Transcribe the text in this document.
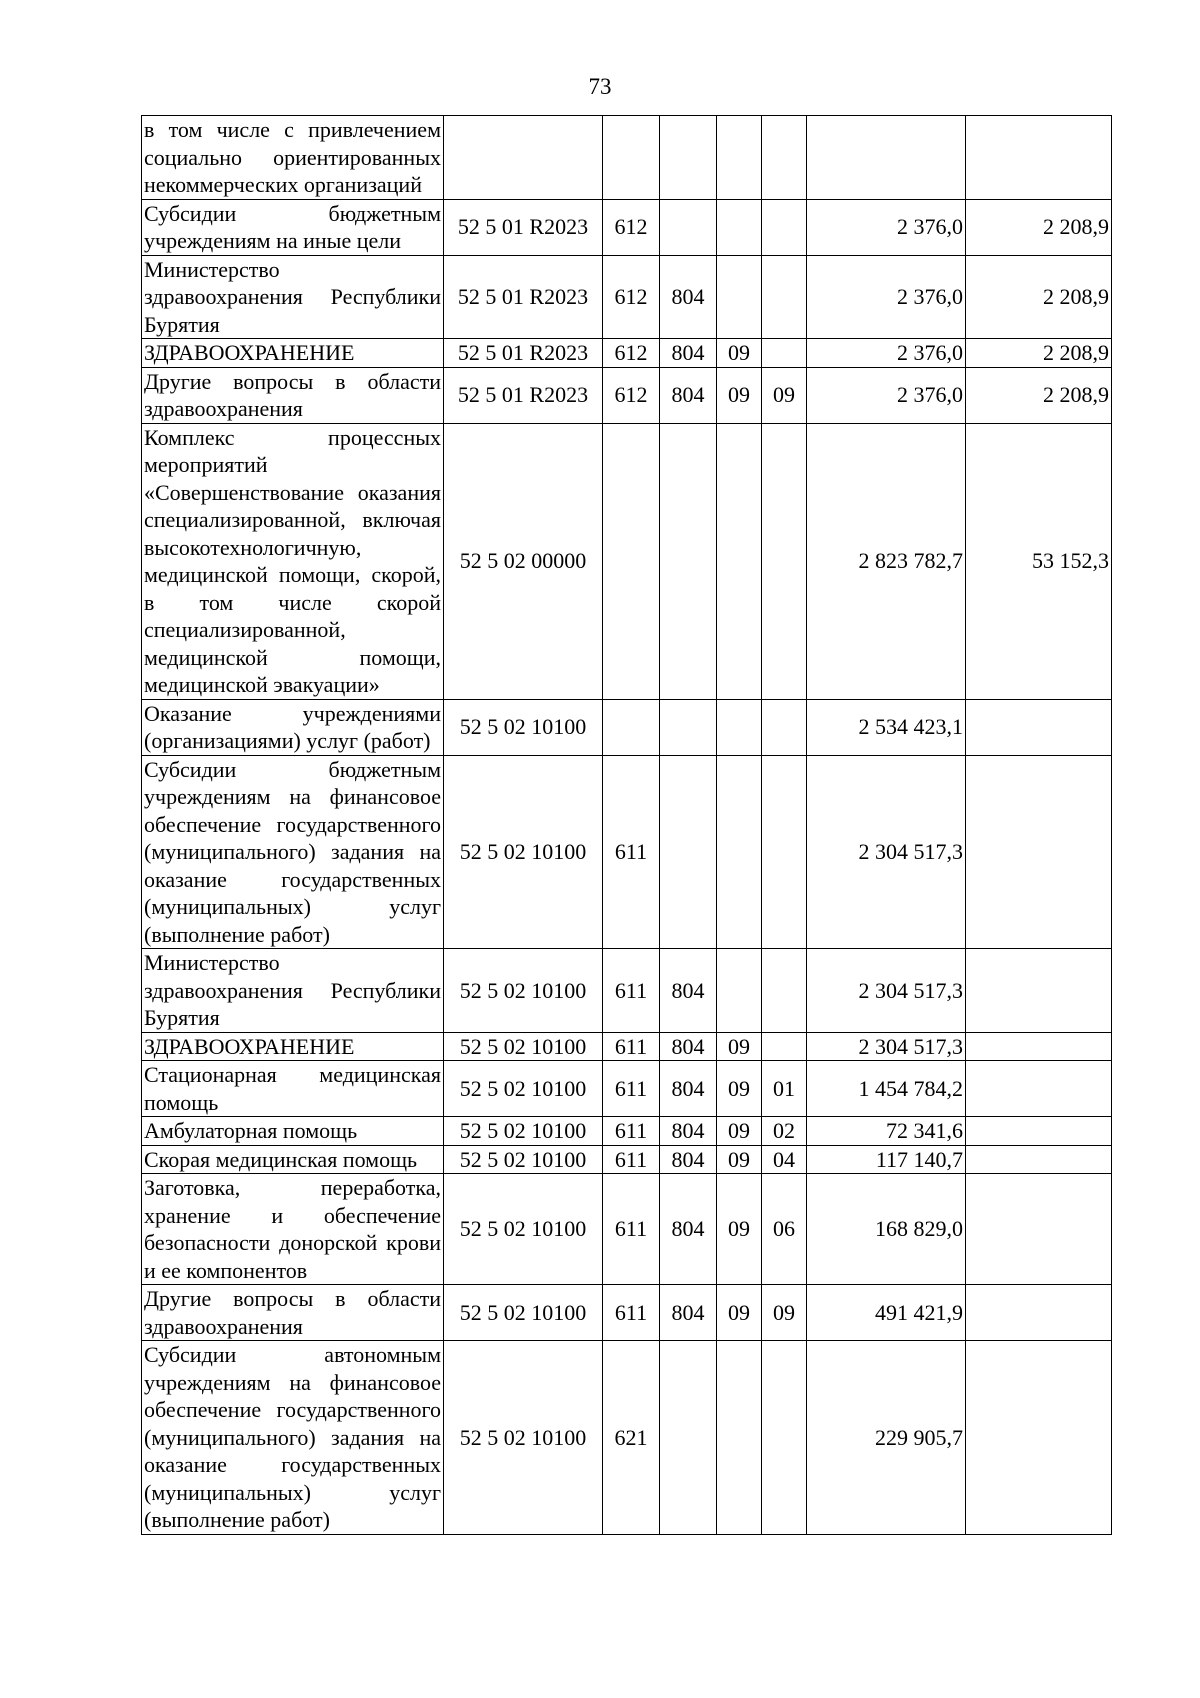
73
в том числе с привлечением социально ориентированных некоммерческих организаций							
Субсидии бюджетным учреждениям на иные цели	52 5 01 R2023	612				2 376,0	2 208,9
Министерство здравоохранения Республики Бурятия	52 5 01 R2023	612	804			2 376,0	2 208,9
ЗДРАВООХРАНЕНИЕ	52 5 01 R2023	612	804	09		2 376,0	2 208,9
Другие вопросы в области здравоохранения	52 5 01 R2023	612	804	09	09	2 376,0	2 208,9
Комплекс процессных мероприятий «Совершенствование оказания специализированной, включая высокотехнологичную, медицинской помощи, скорой, в том числе скорой специализированной, медицинской помощи, медицинской эвакуации»	52 5 02 00000					2 823 782,7	53 152,3
Оказание учреждениями (организациями) услуг (работ)	52 5 02 10100					2 534 423,1	
Субсидии бюджетным учреждениям на финансовое обеспечение государственного (муниципального) задания на оказание государственных (муниципальных) услуг (выполнение работ)	52 5 02 10100	611				2 304 517,3	
Министерство здравоохранения Республики Бурятия	52 5 02 10100	611	804			2 304 517,3	
ЗДРАВООХРАНЕНИЕ	52 5 02 10100	611	804	09		2 304 517,3	
Стационарная медицинская помощь	52 5 02 10100	611	804	09	01	1 454 784,2	
Амбулаторная помощь	52 5 02 10100	611	804	09	02	72 341,6	
Скорая медицинская помощь	52 5 02 10100	611	804	09	04	117 140,7	
Заготовка, переработка, хранение и обеспечение безопасности донорской крови и ее компонентов	52 5 02 10100	611	804	09	06	168 829,0	
Другие вопросы в области здравоохранения	52 5 02 10100	611	804	09	09	491 421,9	
Субсидии автономным учреждениям на финансовое обеспечение государственного (муниципального) задания на оказание государственных (муниципальных) услуг (выполнение работ)	52 5 02 10100	621				229 905,7	
